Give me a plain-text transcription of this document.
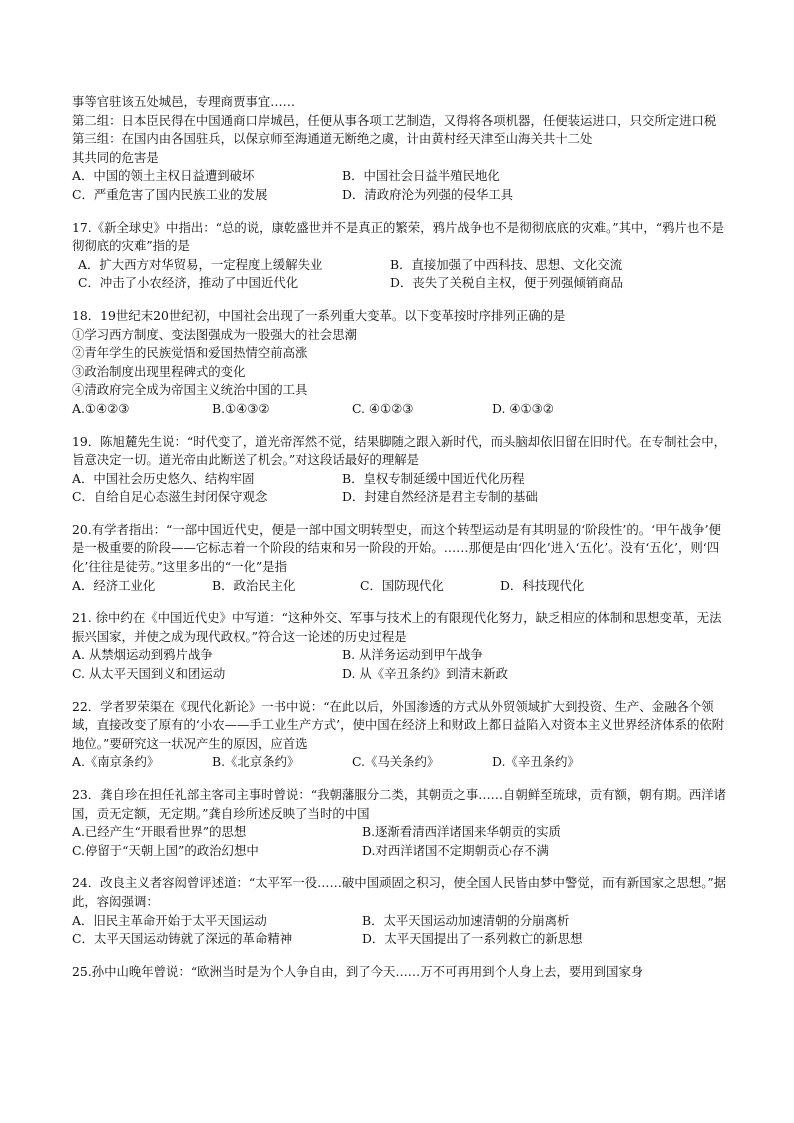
事等官驻该五处城邑，专理商贾事宜……
第二组：日本臣民得在中国通商口岸城邑，任便从事各项工艺制造，又得将各项机器，任便装运进口，只交所定进口税
第三组：在国内由各国驻兵，以保京师至海通道无断绝之虞，计由黄村经天津至山海关共十二处
其共同的危害是
A．中国的领土主权日益遭到破坏	B．中国社会日益半殖民地化
C．严重危害了国内民族工业的发展	D．清政府沦为列强的侵华工具
17.《新全球史》中指出：“总的说，康乾盛世并不是真正的繁荣，鸦片战争也不是彻彻底底的灾难。”其中，“鸦片也不是彻彻底的灾难”指的是
A．扩大西方对华贸易，一定程度上缓解失业	B．直接加强了中西科技、思想、文化交流
C．冲击了小农经济，推动了中国近代化	D．丧失了关税自主权，便于列强倾销商品
18．19世纪末20世纪初，中国社会出现了一系列重大变革。以下变革按时序排列正确的是
①学习西方制度、变法图强成为一股强大的社会思潮
②青年学生的民族觉悟和爱国热情空前高涨
③政治制度出现里程碑式的变化
④清政府完全成为帝国主义统治中国的工具
A.①④②③	B.①④③②	C. ④①②③	D. ④①③②
19．陈旭麓先生说：“时代变了，道光帝浑然不觉，结果脚随之跟入新时代，而头脑却依旧留在旧时代。在专制社会中，旨意决定一切。道光帝由此断送了机会。”对这段话最好的理解是
A．中国社会历史悠久、结构牢固	B．皇权专制延缓中国近代化历程
C．自给自足心态滋生封闭保守观念	D．封建自然经济是君主专制的基础
20.有学者指出：“一部中国近代史，便是一部中国文明转型史，而这个转型运动是有其明显的‘阶段性’的。‘甲午战争’便是一极重要的阶段——它标志着一个阶段的结束和另一阶段的开始。……那便是由‘四化’进入‘五化’。没有‘五化’，则‘四化’往往是徒劳。”这里多出的“一化”是指
A．经济工业化	B．政治民主化	C．国防现代化	D．科技现代化
21. 徐中约在《中国近代史》中写道：“这种外交、军事与技术上的有限现代化努力，缺乏相应的体制和思想变革，无法振兴国家，并使之成为现代政权。”符合这一论述的历史过程是
A. 从禁烟运动到鸦片战争	B. 从洋务运动到甲午战争
C. 从太平天国到义和团运动	D. 从《辛丑条约》到清末新政
22．学者罗荣渠在《现代化新论》一书中说：“在此以后，外国渗透的方式从外贸领域扩大到投资、生产、金融各个领域，直接改变了原有的‘小农——手工业生产方式’，使中国在经济上和财政上都日益陷入对资本主义世界经济体系的依附地位。”要研究这一状况产生的原因，应首选
A.《南京条约》	B.《北京条约》	C.《马关条约》	D.《辛丑条约》
23．龚自珍在担任礼部主客司主事时曾说：“我朝藩服分二类，其朝贡之事……自朝鲜至琉球，贡有额，朝有期。西洋诸国，贡无定额，无定期。”龚自珍所述反映了当时的中国
A.已经产生“开眼看世界”的思想	B.逐渐看清西洋诸国来华朝贡的实质
C.停留于“天朝上国”的政治幻想中	D.对西洋诸国不定期朝贡心存不满
24．改良主义者容闳曾评述道：“太平军一役……破中国顽固之积习，使全国人民皆由梦中警觉，而有新国家之思想。”据此，容闳强调：
A．旧民主革命开始于太平天国运动	B．太平天国运动加速清朝的分崩离析
C．太平天国运动铸就了深远的革命精神	D．太平天国提出了一系列救亡的新思想
25.孙中山晚年曾说：“欧洲当时是为个人争自由，到了今天……万不可再用到个人身上去，要用到国家身
